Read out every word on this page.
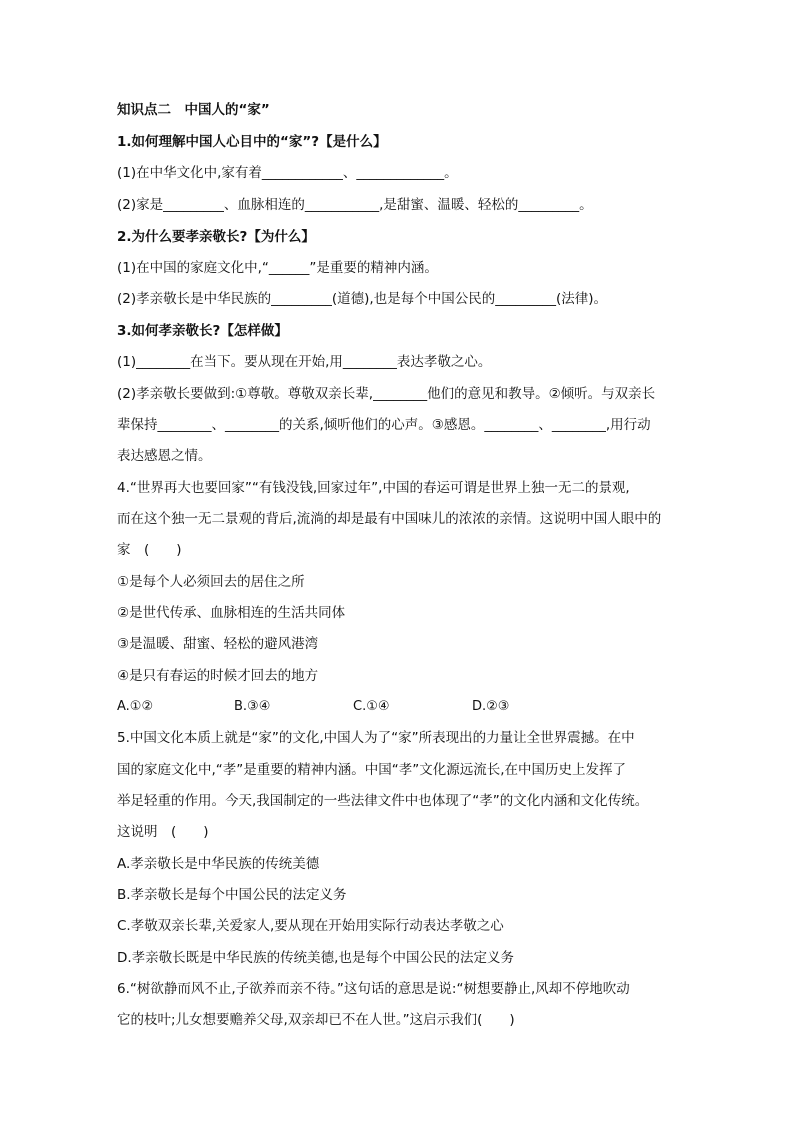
知识点二　中国人的“家”
1.如何理解中国人心目中的“家”?【是什么】
(1)在中华文化中,家有着____________、_____________。
(2)家是_________、血脉相连的___________,是甜蜜、温暖、轻松的_________。
2.为什么要孝亲敬长?【为什么】
(1)在中国的家庭文化中,“______”是重要的精神内涵。
(2)孝亲敬长是中华民族的_________(道德),也是每个中国公民的_________(法律)。
3.如何孝亲敬长?【怎样做】
(1)________在当下。要从现在开始,用________表达孝敬之心。
(2)孝亲敬长要做到:①尊敬。尊敬双亲长辈,________他们的意见和教导。②倾听。与双亲长
辈保持________、________的关系,倾听他们的心声。③感恩。________、________,用行动
表达感恩之情。
4.“世界再大也要回家”“有钱没钱,回家过年”,中国的春运可谓是世界上独一无二的景观,
而在这个独一无二景观的背后,流淌的却是最有中国味儿的浓浓的亲情。这说明中国人眼中的
家　(　　)
①是每个人必须回去的居住之所
②是世代传承、血脉相连的生活共同体
③是温暖、甜蜜、轻松的避风港湾
④是只有春运的时候才回去的地方
A.①②	B.③④	C.①④	D.②③
5.中国文化本质上就是“家”的文化,中国人为了“家”所表现出的力量让全世界震撼。在中
国的家庭文化中,“孝”是重要的精神内涵。中国“孝”文化源远流长,在中国历史上发挥了
举足轻重的作用。今天,我国制定的一些法律文件中也体现了“孝”的文化内涵和文化传统。
这说明　(　　)
A.孝亲敬长是中华民族的传统美德
B.孝亲敬长是每个中国公民的法定义务
C.孝敬双亲长辈,关爱家人,要从现在开始用实际行动表达孝敬之心
D.孝亲敬长既是中华民族的传统美德,也是每个中国公民的法定义务
6.“树欲静而风不止,子欲养而亲不待。”这句话的意思是说:“树想要静止,风却不停地吹动
它的枝叶;儿女想要赡养父母,双亲却已不在人世。”这启示我们(　　)
